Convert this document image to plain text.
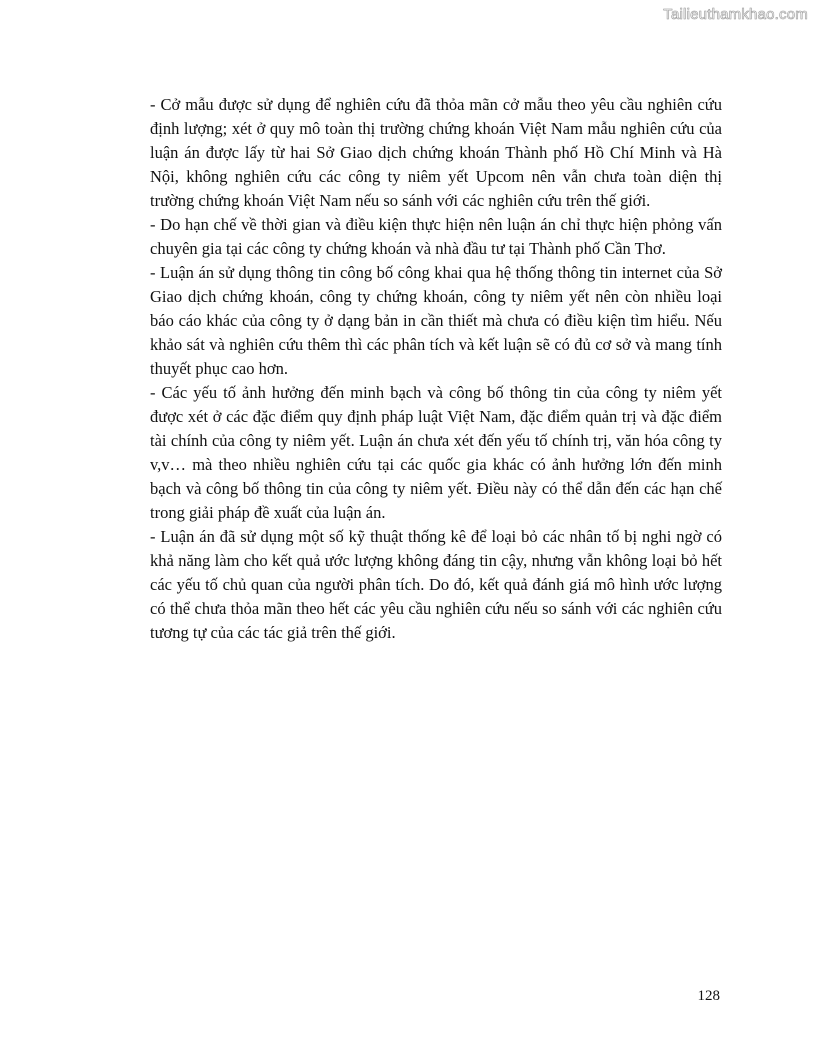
Tailieuthamkhao.com

- Cở mẫu được sử dụng để nghiên cứu đã thỏa mãn cở mẫu theo yêu cầu nghiên cứu định lượng; xét ở quy mô toàn thị trường chứng khoán Việt Nam mẫu nghiên cứu của luận án được lấy từ hai Sở Giao dịch chứng khoán Thành phố Hồ Chí Minh và Hà Nội, không nghiên cứu các công ty niêm yết Upcom nên vẫn chưa toàn diện thị trường chứng khoán Việt Nam nếu so sánh với các nghiên cứu trên thế giới.

- Do hạn chế về thời gian và điều kiện thực hiện nên luận án chỉ thực hiện phỏng vấn chuyên gia tại các công ty chứng khoán và nhà đầu tư tại Thành phố Cần Thơ.

- Luận án sử dụng thông tin công bố công khai qua hệ thống thông tin internet của Sở Giao dịch chứng khoán, công ty chứng khoán, công ty niêm yết nên còn nhiều loại báo cáo khác của công ty ở dạng bản in cần thiết mà chưa có điều kiện tìm hiểu. Nếu khảo sát và nghiên cứu thêm thì các phân tích và kết luận sẽ có đủ cơ sở và mang tính thuyết phục cao hơn.

- Các yếu tố ảnh hưởng đến minh bạch và công bố thông tin của công ty niêm yết được xét ở các đặc điểm quy định pháp luật Việt Nam, đặc điểm quản trị và đặc điểm tài chính của công ty niêm yết. Luận án chưa xét đến yếu tố chính trị, văn hóa công ty v,v… mà theo nhiều nghiên cứu tại các quốc gia khác có ảnh hưởng lớn đến minh bạch và công bố thông tin của công ty niêm yết. Điều này có thể dẫn đến các hạn chế trong giải pháp đề xuất của luận án.

- Luận án đã sử dụng một số kỹ thuật thống kê để loại bỏ các nhân tố bị nghi ngờ có khả năng làm cho kết quả ước lượng không đáng tin cậy, nhưng vẫn không loại bỏ hết các yếu tố chủ quan của người phân tích. Do đó, kết quả đánh giá mô hình ước lượng có thể chưa thỏa mãn theo hết các yêu cầu nghiên cứu nếu so sánh với các nghiên cứu tương tự của các tác giả trên thế giới.

128
